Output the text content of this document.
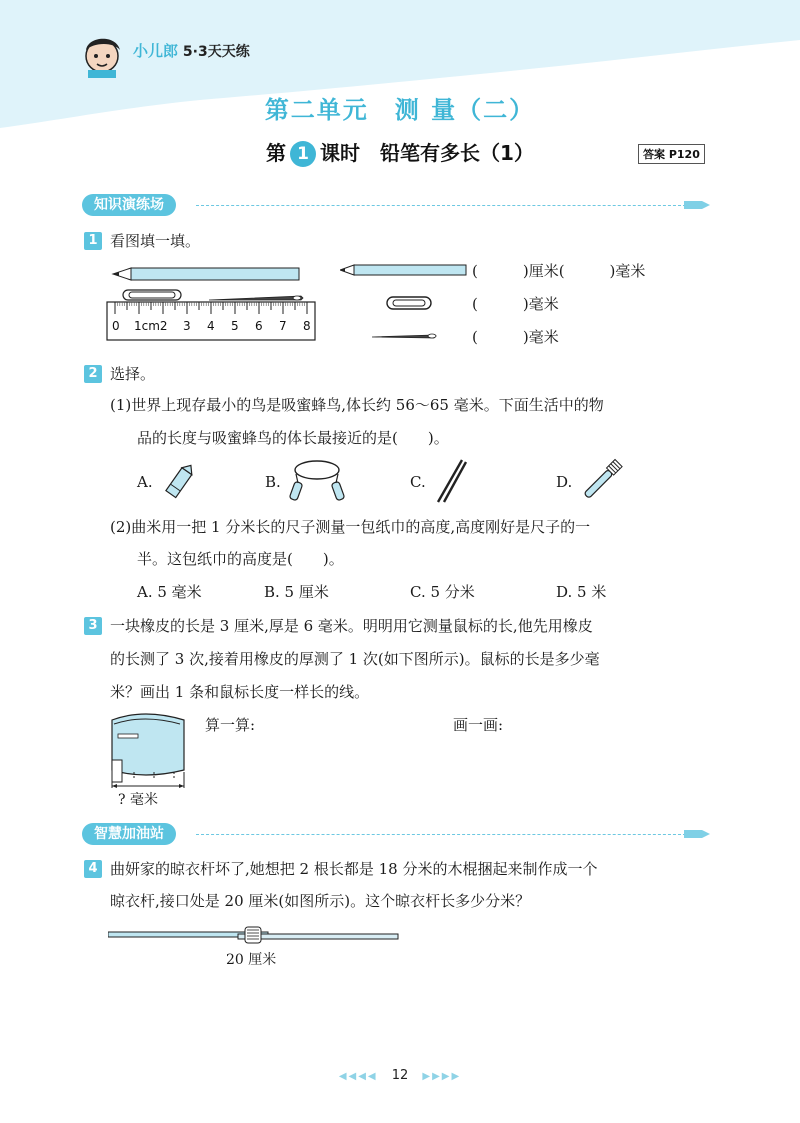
小儿郎 5·3天天练
第二单元　测 量（二）
第 1 课时　铅笔有多长（1）	答案 P120
知识演练场
1 看图填一填。
0 1cm2 3 4 5 6 7 8
(　　　)厘米(　　　)毫米
(　　　)毫米
(　　　)毫米
2 选择。
(1)世界上现存最小的鸟是吸蜜蜂鸟,体长约 56～65 毫米。下面生活中的物
品的长度与吸蜜蜂鸟的体长最接近的是(　　)。
A.	B.	C.	D.
(2)曲米用一把 1 分米长的尺子测量一包纸巾的高度,高度刚好是尺子的一
半。这包纸巾的高度是(　　)。
A. 5 毫米	B. 5 厘米	C. 5 分米	D. 5 米
3 一块橡皮的长是 3 厘米,厚是 6 毫米。明明用它测量鼠标的长,他先用橡皮
的长测了 3 次,接着用橡皮的厚测了 1 次(如下图所示)。鼠标的长是多少毫
米？画出 1 条和鼠标长度一样长的线。
? 毫米
算一算:	画一画:
智慧加油站
4 曲妍家的晾衣杆坏了,她想把 2 根长都是 18 分米的木棍捆起来制作成一个
晾衣杆,接口处是 20 厘米(如图所示)。这个晾衣杆长多少分米？
20 厘米
◀◀◀◀ 12 ▶▶▶▶
